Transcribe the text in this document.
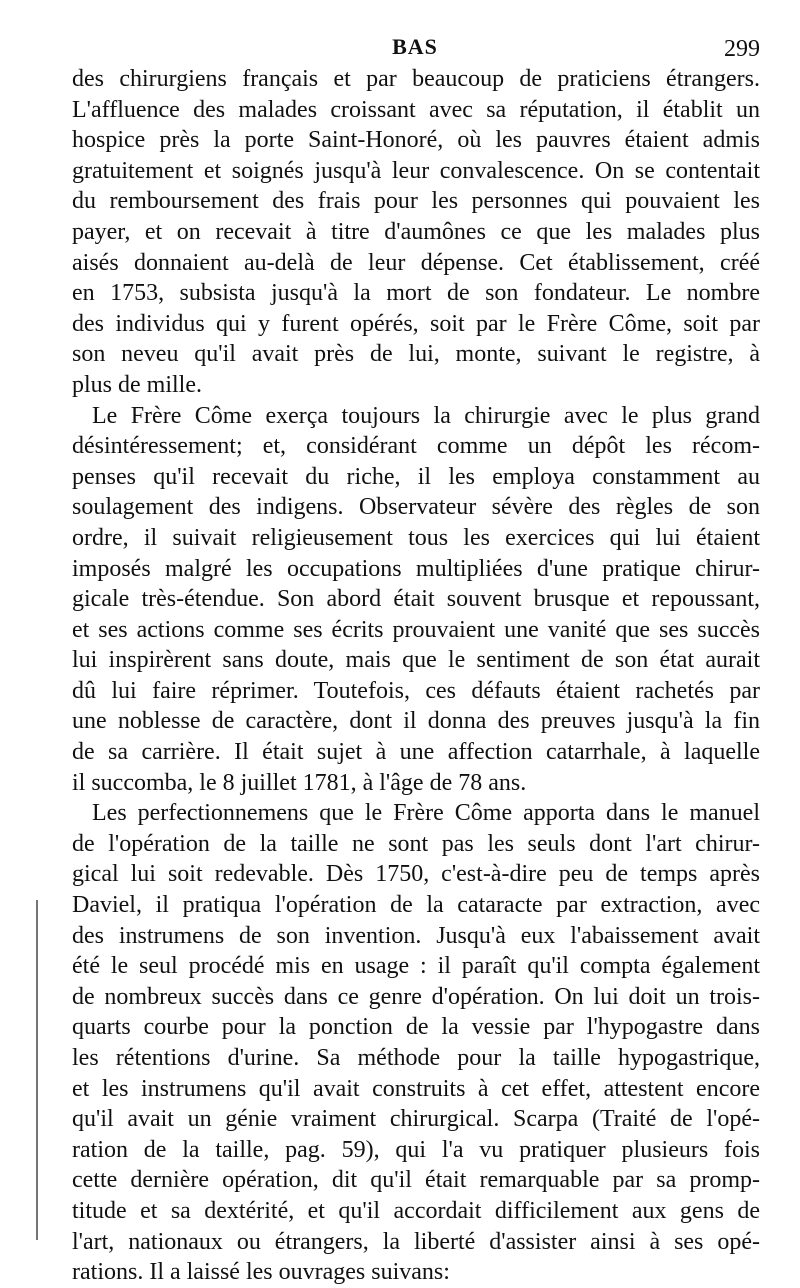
BAS	299
des chirurgiens français et par beaucoup de praticiens étrangers.
L'affluence des malades croissant avec sa réputation, il établit un
hospice près la porte Saint-Honoré, où les pauvres étaient admis
gratuitement et soignés jusqu'à leur convalescence. On se contentait
du remboursement des frais pour les personnes qui pouvaient les
payer, et on recevait à titre d'aumônes ce que les malades plus
aisés donnaient au-delà de leur dépense. Cet établissement, créé
en 1753, subsista jusqu'à la mort de son fondateur. Le nombre
des individus qui y furent opérés, soit par le Frère Côme, soit par
son neveu qu'il avait près de lui, monte, suivant le registre, à
plus de mille.
Le Frère Côme exerça toujours la chirurgie avec le plus grand
désintéressement; et, considérant comme un dépôt les récom-
penses qu'il recevait du riche, il les employa constamment au
soulagement des indigens. Observateur sévère des règles de son
ordre, il suivait religieusement tous les exercices qui lui étaient
imposés malgré les occupations multipliées d'une pratique chirur-
gicale très-étendue. Son abord était souvent brusque et repoussant,
et ses actions comme ses écrits prouvaient une vanité que ses succès
lui inspirèrent sans doute, mais que le sentiment de son état aurait
dû lui faire réprimer. Toutefois, ces défauts étaient rachetés par
une noblesse de caractère, dont il donna des preuves jusqu'à la fin
de sa carrière. Il était sujet à une affection catarrhale, à laquelle
il succomba, le 8 juillet 1781, à l'âge de 78 ans.
Les perfectionnemens que le Frère Côme apporta dans le manuel
de l'opération de la taille ne sont pas les seuls dont l'art chirur-
gical lui soit redevable. Dès 1750, c'est-à-dire peu de temps après
Daviel, il pratiqua l'opération de la cataracte par extraction, avec
des instrumens de son invention. Jusqu'à eux l'abaissement avait
été le seul procédé mis en usage : il paraît qu'il compta également
de nombreux succès dans ce genre d'opération. On lui doit un trois-
quarts courbe pour la ponction de la vessie par l'hypogastre dans
les rétentions d'urine. Sa méthode pour la taille hypogastrique,
et les instrumens qu'il avait construits à cet effet, attestent encore
qu'il avait un génie vraiment chirurgical. Scarpa (Traité de l'opé-
ration de la taille, pag. 59), qui l'a vu pratiquer plusieurs fois
cette dernière opération, dit qu'il était remarquable par sa promp-
titude et sa dextérité, et qu'il accordait difficilement aux gens de
l'art, nationaux ou étrangers, la liberté d'assister ainsi à ses opé-
rations. Il a laissé les ouvrages suivans:
